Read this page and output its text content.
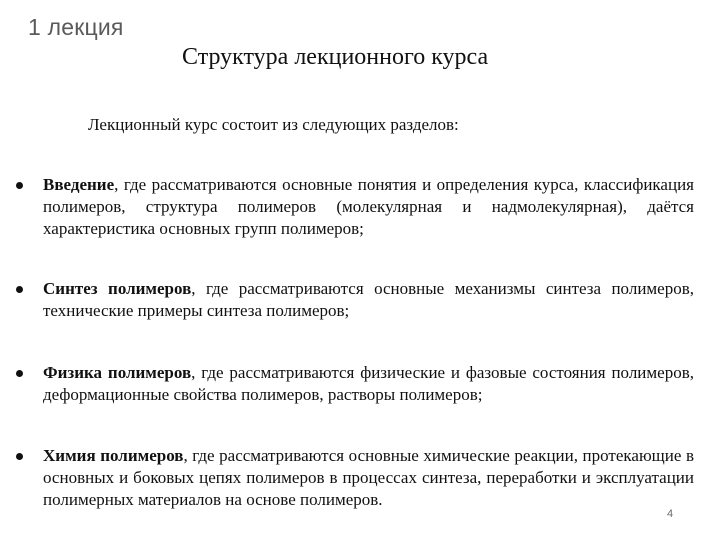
1 лекция
Структура лекционного курса
Лекционный курс состоит из следующих разделов:
Введение, где рассматриваются основные понятия и определения курса, классификация полимеров, структура полимеров (молекулярная и надмолекулярная), даётся характеристика основных групп полимеров;
Синтез полимеров, где рассматриваются основные механизмы синтеза полимеров, технические примеры синтеза полимеров;
Физика полимеров, где рассматриваются физические и фазовые состояния полимеров, деформационные свойства полимеров, растворы полимеров;
Химия полимеров, где рассматриваются основные химические реакции, протекающие в основных и боковых цепях полимеров в процессах синтеза, переработки и эксплуатации полимерных материалов на основе полимеров.
4
